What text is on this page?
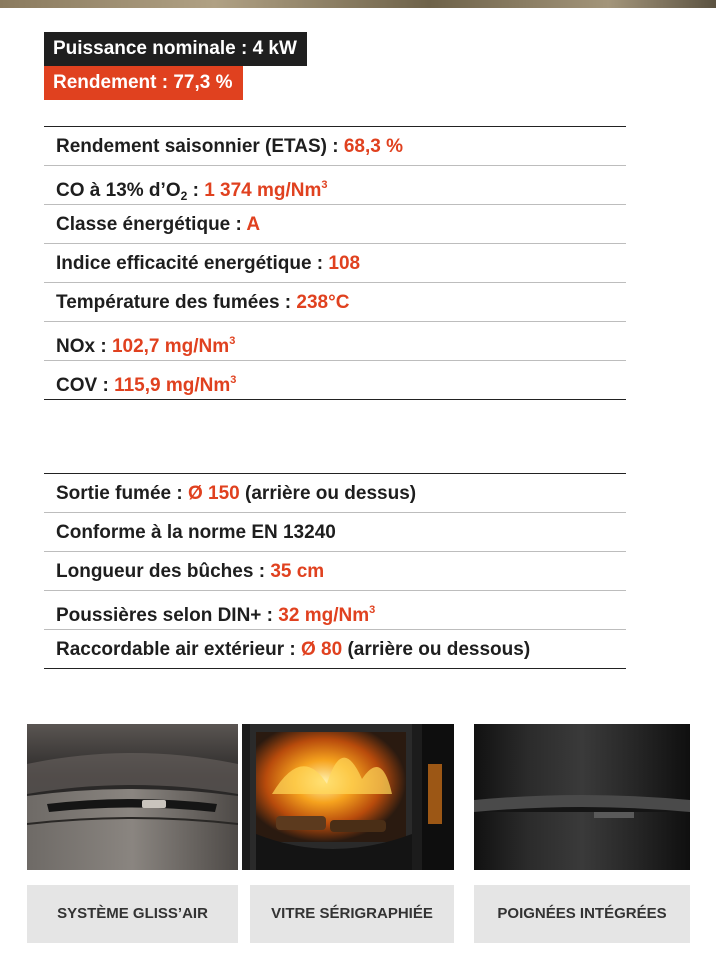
Puissance nominale : 4 kW
Rendement : 77,3 %
Rendement saisonnier (ETAS) : 68,3 %
CO à 13% $d’O_2$ : 1 374 mg/Nm$^3$
Classe énergétique : A
Indice efficacité energétique : 108
Température des fumées : 238°C
NOx : 102,7 mg/Nm$^3$
COV : 115,9 mg/Nm$^3$
Sortie fumée : Ø 150 (arrière ou dessus)
Conforme à la norme EN 13240
Longueur des bûches : 35 cm
Poussières selon DIN+ : 32 mg/Nm$^3$
Raccordable air extérieur : Ø 80 (arrière ou dessous)
SYSTÈME GLISS’AIR	VITRE SÉRIGRAPHIÉE	POIGNÉES INTÉGRÉES
